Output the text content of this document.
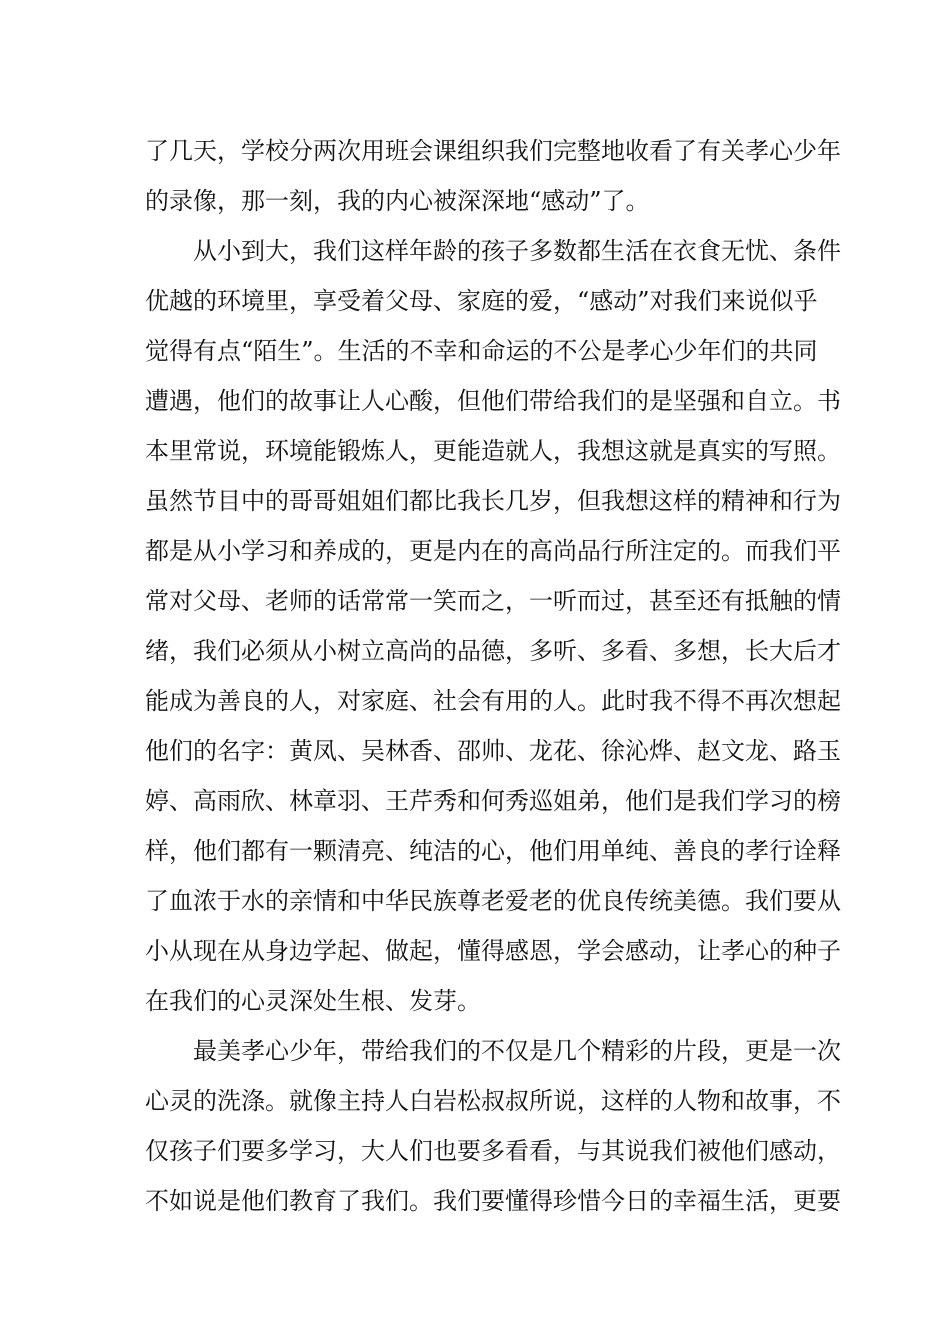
了几天，学校分两次用班会课组织我们完整地收看了有关孝心少年
的录像，那一刻，我的内心被深深地“感动”了。
从小到大，我们这样年龄的孩子多数都生活在衣食无忧、条件
优越的环境里，享受着父母、家庭的爱，“感动”对我们来说似乎
觉得有点“陌生”。生活的不幸和命运的不公是孝心少年们的共同
遭遇，他们的故事让人心酸，但他们带给我们的是坚强和自立。书
本里常说，环境能锻炼人，更能造就人，我想这就是真实的写照。
虽然节目中的哥哥姐姐们都比我长几岁，但我想这样的精神和行为
都是从小学习和养成的，更是内在的高尚品行所注定的。而我们平
常对父母、老师的话常常一笑而之，一听而过，甚至还有抵触的情
绪，我们必须从小树立高尚的品德，多听、多看、多想，长大后才
能成为善良的人，对家庭、社会有用的人。此时我不得不再次想起
他们的名字：黄凤、吴林香、邵帅、龙花、徐沁烨、赵文龙、路玉
婷、高雨欣、林章羽、王芹秀和何秀巡姐弟，他们是我们学习的榜
样，他们都有一颗清亮、纯洁的心，他们用单纯、善良的孝行诠释
了血浓于水的亲情和中华民族尊老爱老的优良传统美德。我们要从
小从现在从身边学起、做起，懂得感恩，学会感动，让孝心的种子
在我们的心灵深处生根、发芽。
最美孝心少年，带给我们的不仅是几个精彩的片段，更是一次
心灵的洗涤。就像主持人白岩松叔叔所说，这样的人物和故事，不
仅孩子们要多学习，大人们也要多看看，与其说我们被他们感动，
不如说是他们教育了我们。我们要懂得珍惜今日的幸福生活，更要
